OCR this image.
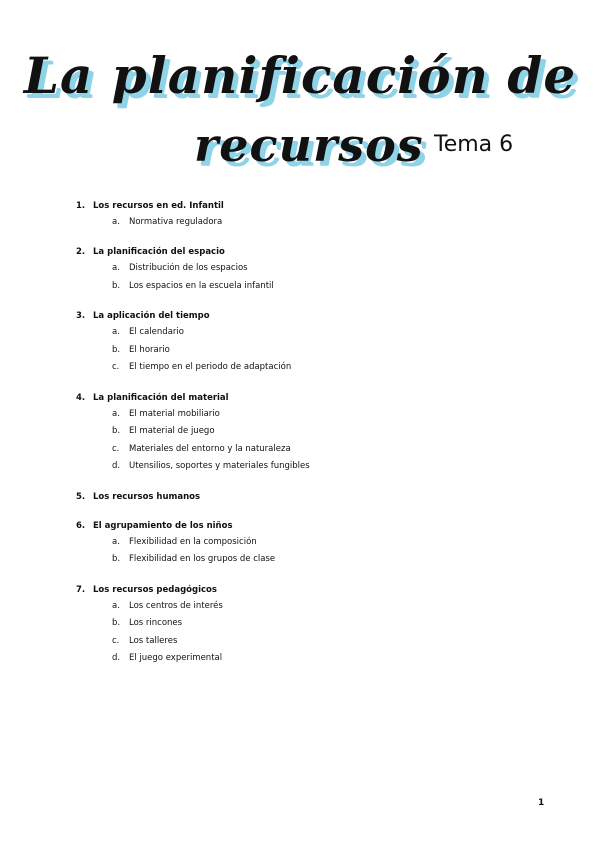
La planificación de
recursos Tema 6
1. Los recursos en ed. Infantil
a.	Normativa reguladora
2. La planificación del espacio
a.	Distribución de los espacios
b.	Los espacios en la escuela infantil
3. La aplicación del tiempo
a.	El calendario
b.	El horario
c.	El tiempo en el periodo de adaptación
4. La planificación del material
a.	El material mobiliario
b.	El material de juego
c.	Materiales del entorno y la naturaleza
d.	Utensilios, soportes y materiales fungibles
5. Los recursos humanos
6. El agrupamiento de los niños
a.	Flexibilidad en la composición
b.	Flexibilidad en los grupos de clase
7. Los recursos pedagógicos
a.	Los centros de interés
b.	Los rincones
c.	Los talleres
d.	El juego experimental
1
